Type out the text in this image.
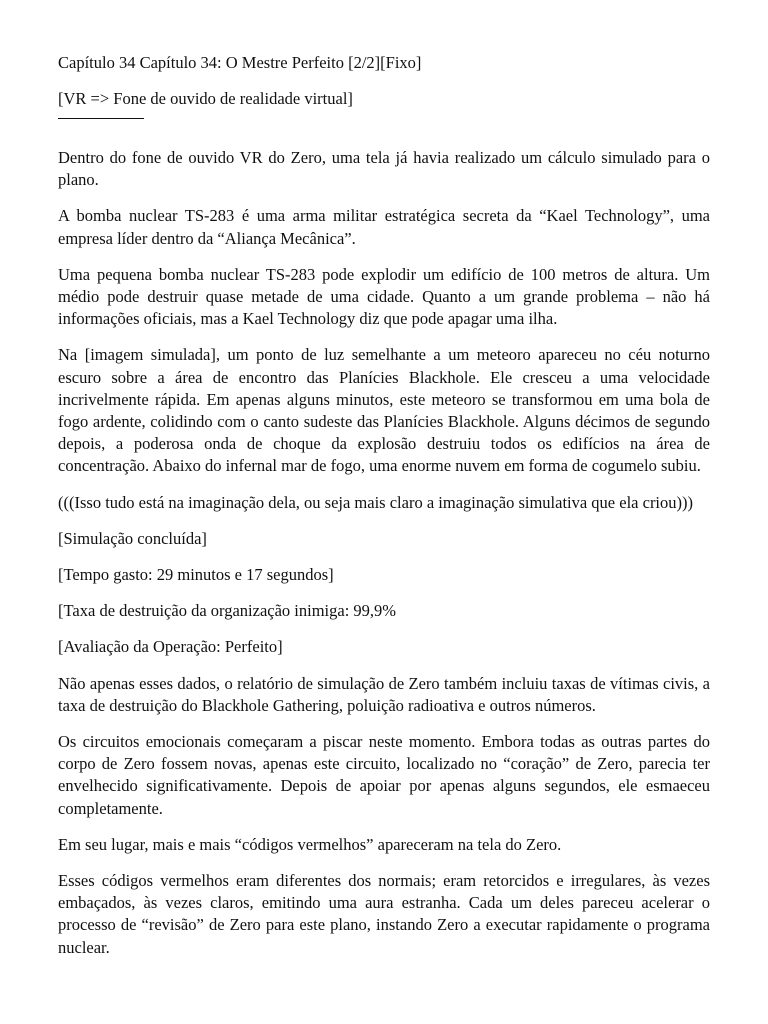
Capítulo 34 Capítulo 34: O Mestre Perfeito [2/2][Fixo]

[VR => Fone de ouvido de realidade virtual]

Dentro do fone de ouvido VR do Zero, uma tela já havia realizado um cálculo simulado para o plano.

A bomba nuclear TS-283 é uma arma militar estratégica secreta da “Kael Technology”, uma empresa líder dentro da “Aliança Mecânica”.

Uma pequena bomba nuclear TS-283 pode explodir um edifício de 100 metros de altura. Um médio pode destruir quase metade de uma cidade. Quanto a um grande problema – não há informações oficiais, mas a Kael Technology diz que pode apagar uma ilha.

Na [imagem simulada], um ponto de luz semelhante a um meteoro apareceu no céu noturno escuro sobre a área de encontro das Planícies Blackhole. Ele cresceu a uma velocidade incrivelmente rápida. Em apenas alguns minutos, este meteoro se transformou em uma bola de fogo ardente, colidindo com o canto sudeste das Planícies Blackhole. Alguns décimos de segundo depois, a poderosa onda de choque da explosão destruiu todos os edifícios na área de concentração. Abaixo do infernal mar de fogo, uma enorme nuvem em forma de cogumelo subiu.

(((Isso tudo está na imaginação dela, ou seja mais claro a imaginação simulativa que ela criou)))

[Simulação concluída]

[Tempo gasto: 29 minutos e 17 segundos]

[Taxa de destruição da organização inimiga: 99,9%

[Avaliação da Operação: Perfeito]

Não apenas esses dados, o relatório de simulação de Zero também incluiu taxas de vítimas civis, a taxa de destruição do Blackhole Gathering, poluição radioativa e outros números.

Os circuitos emocionais começaram a piscar neste momento. Embora todas as outras partes do corpo de Zero fossem novas, apenas este circuito, localizado no “coração” de Zero, parecia ter envelhecido significativamente. Depois de apoiar por apenas alguns segundos, ele esmaeceu completamente.

Em seu lugar, mais e mais “códigos vermelhos” apareceram na tela do Zero.

Esses códigos vermelhos eram diferentes dos normais; eram retorcidos e irregulares, às vezes embaçados, às vezes claros, emitindo uma aura estranha. Cada um deles pareceu acelerar o processo de “revisão” de Zero para este plano, instando Zero a executar rapidamente o programa nuclear.
